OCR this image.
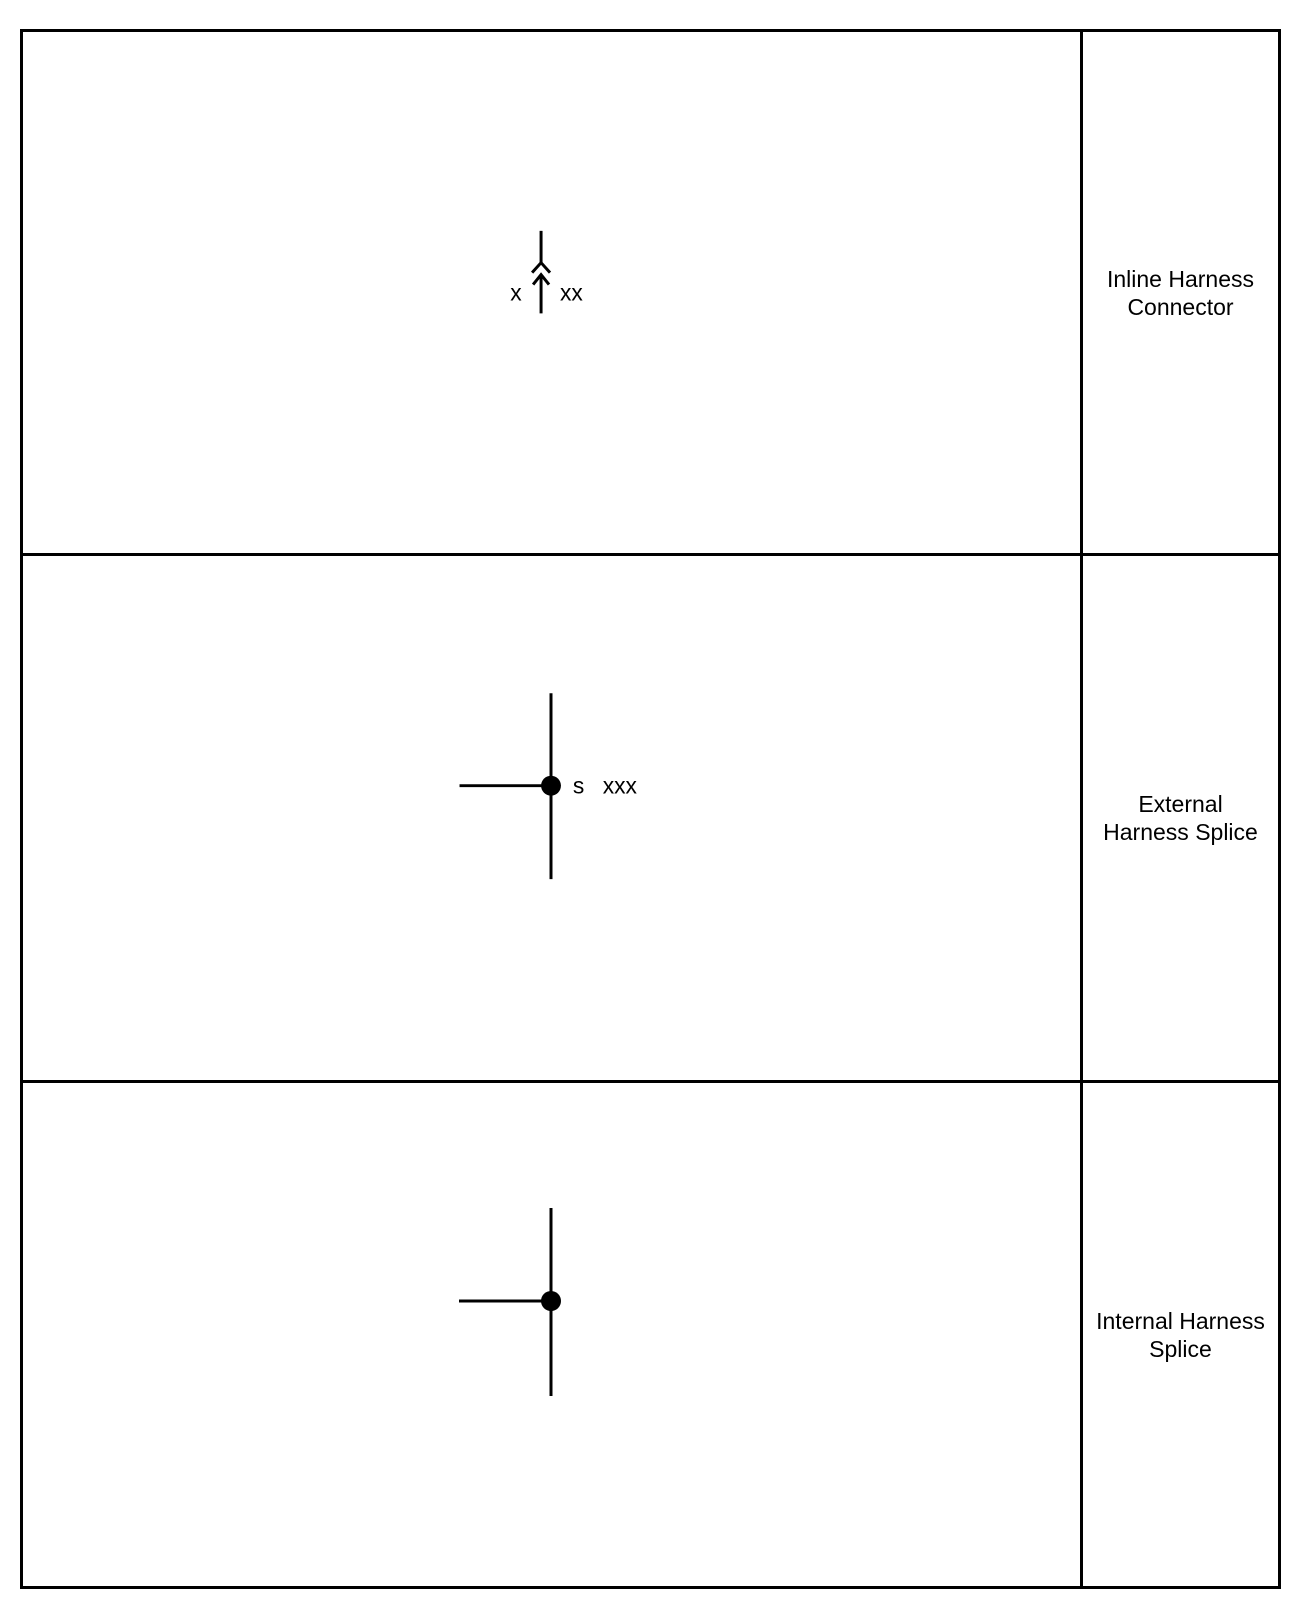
x xx
Inline Harness
Connector
s xxx
External
Harness Splice
Internal Harness
Splice
